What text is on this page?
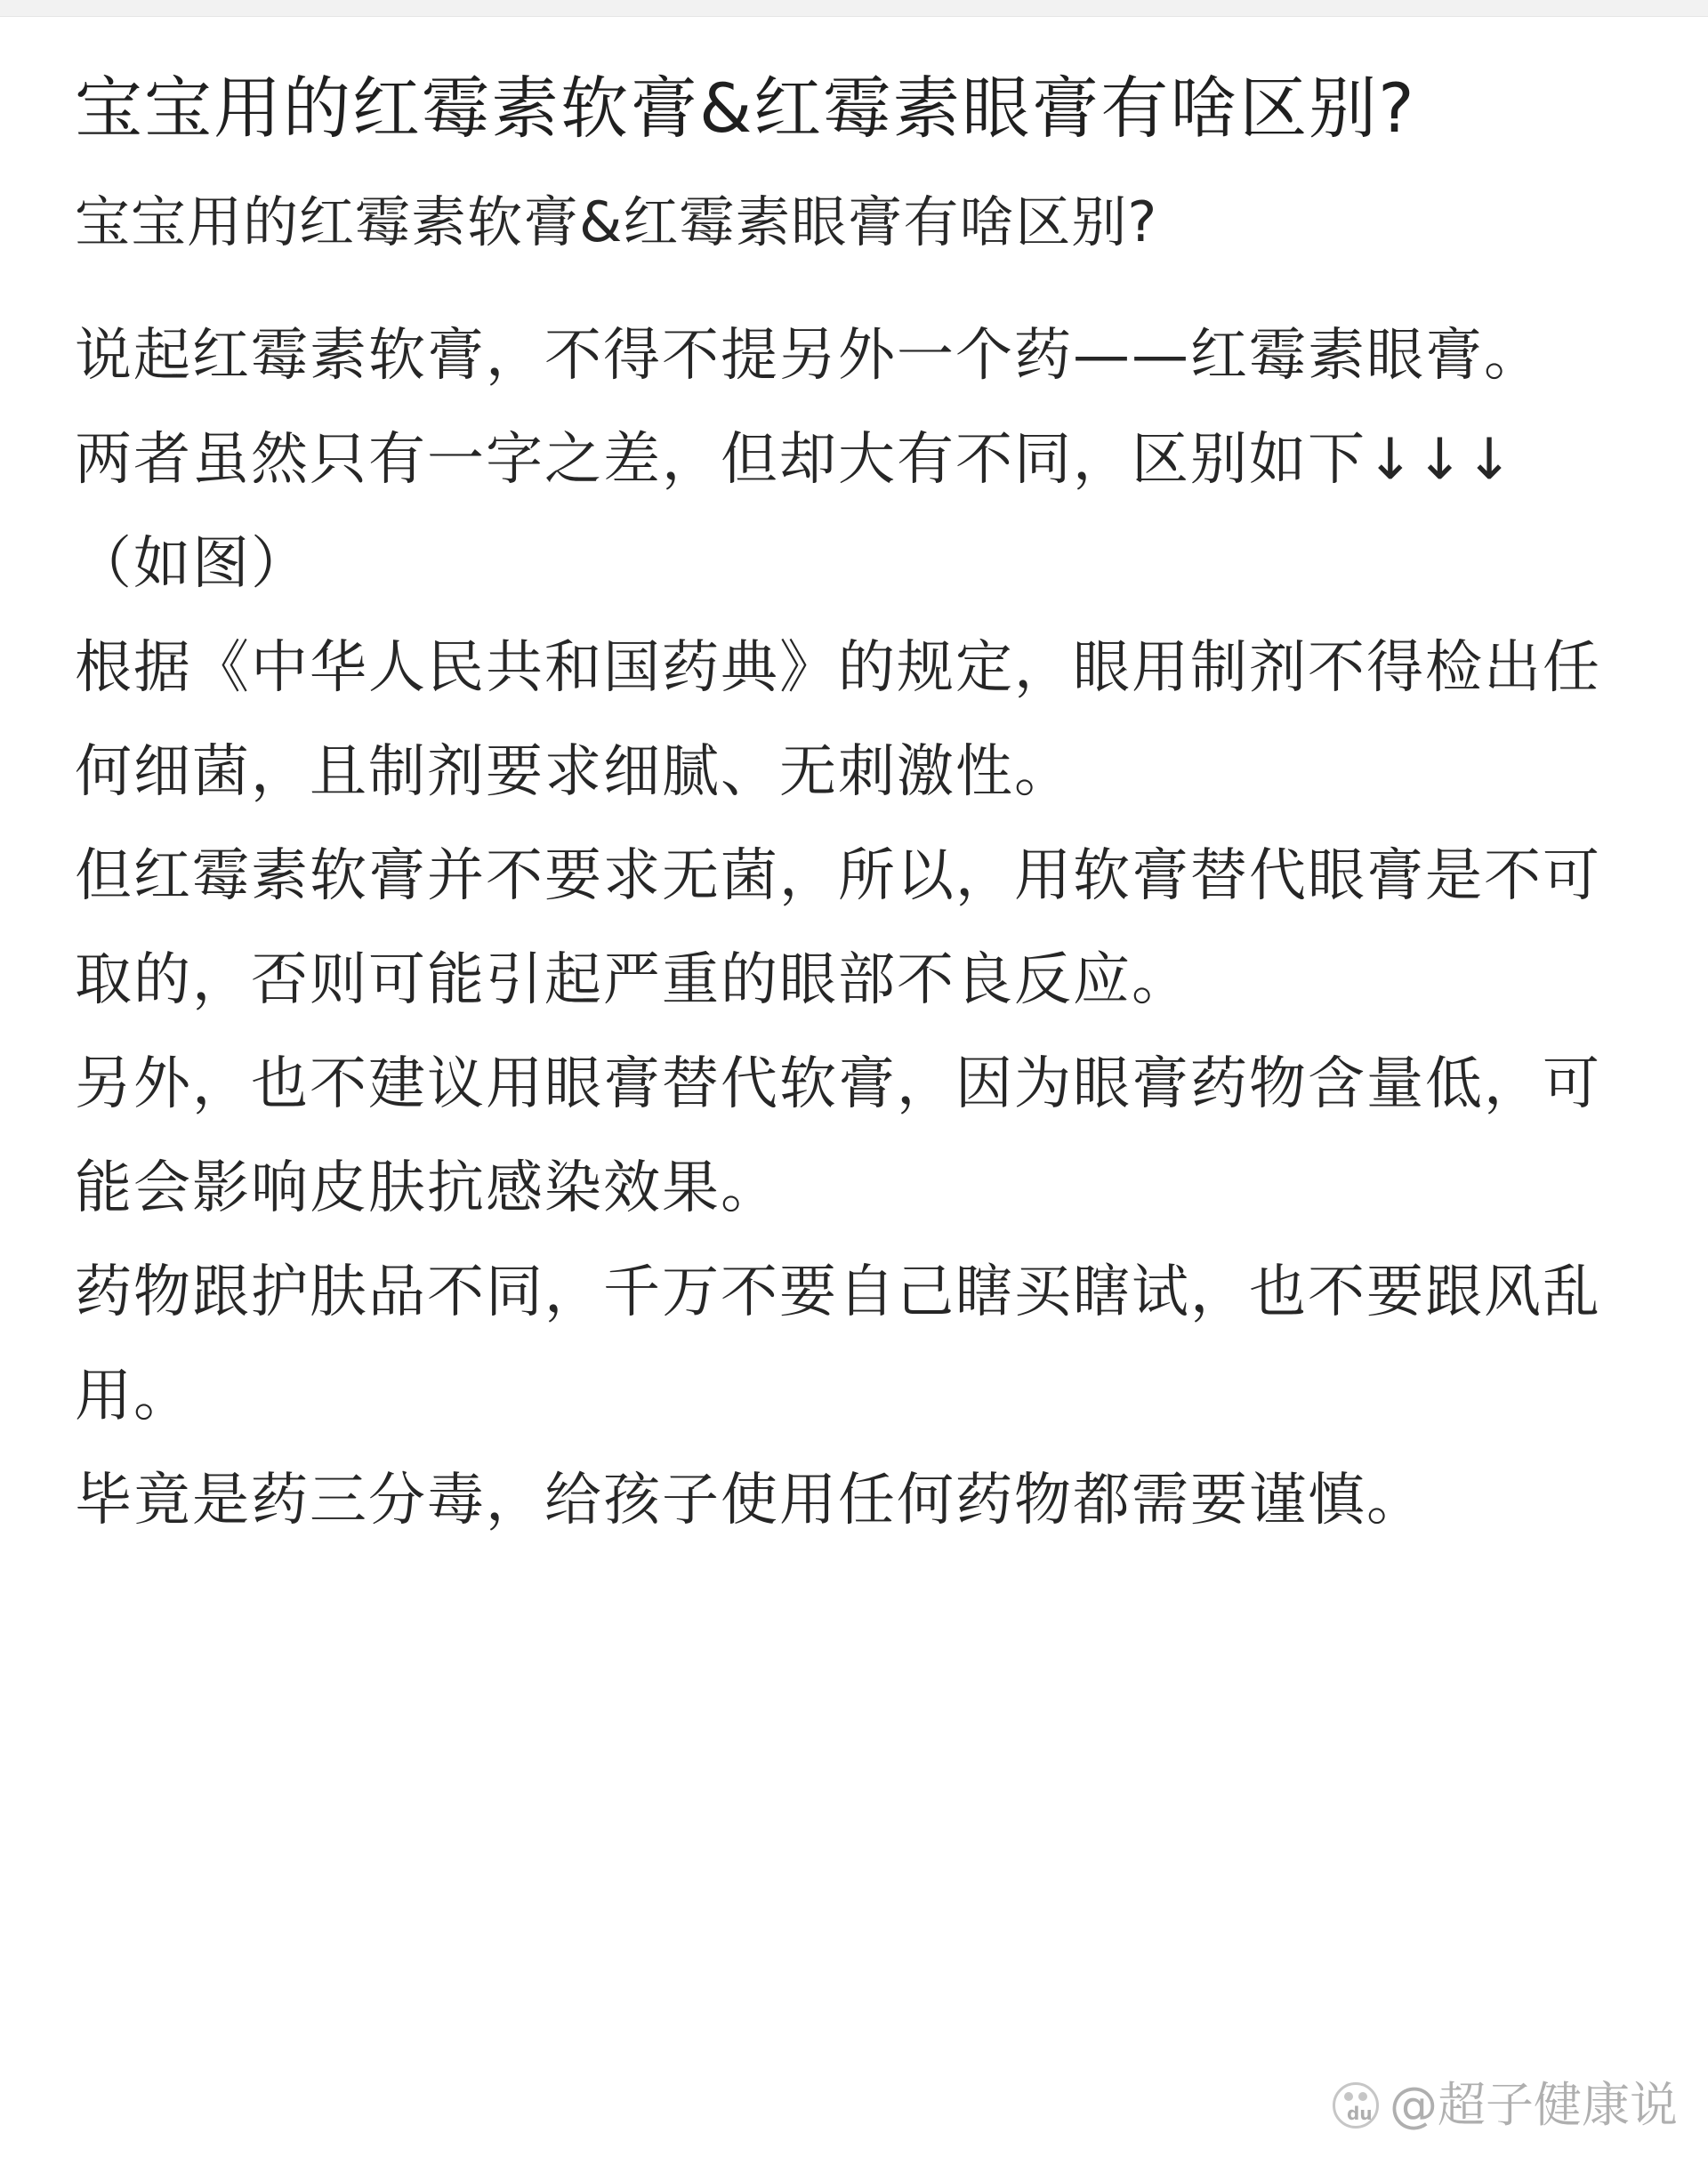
宝宝用的红霉素软膏&红霉素眼膏有啥区别?
宝宝用的红霉素软膏&红霉素眼膏有啥区别?

说起红霉素软膏，不得不提另外一个药——红霉素眼膏。

两者虽然只有一字之差，但却大有不同，区别如下↓↓↓（如图）

根据《中华人民共和国药典》的规定，眼用制剂不得检出任何细菌，且制剂要求细腻、无刺激性。

但红霉素软膏并不要求无菌，所以，用软膏替代眼膏是不可取的，否则可能引起严重的眼部不良反应。

另外，也不建议用眼膏替代软膏，因为眼膏药物含量低，可能会影响皮肤抗感染效果。

药物跟护肤品不同，千万不要自己瞎买瞎试，也不要跟风乱用。

毕竟是药三分毒，给孩子使用任何药物都需要谨慎。

du @超子健康说
